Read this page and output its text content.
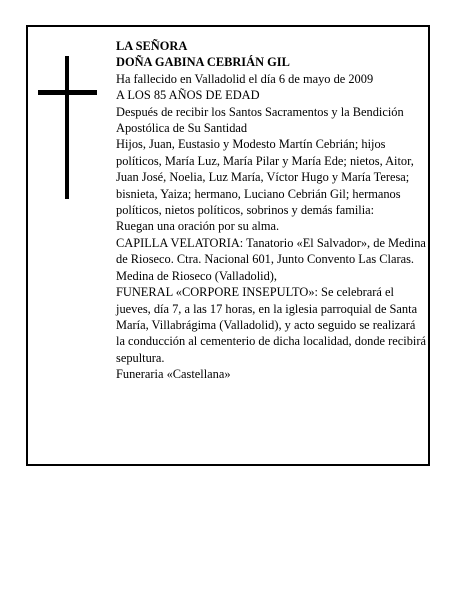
LA SEÑORA

DOÑA GABINA CEBRIÁN GIL

Ha fallecido en Valladolid el día 6 de mayo de 2009

A LOS 85 AÑOS DE EDAD

Después de recibir los Santos Sacramentos y la Bendición Apostólica de Su Santidad

Hijos, Juan, Eustasio y Modesto Martín Cebrián; hijos políticos, María Luz, María Pilar y María Ede; nietos, Aitor, Juan José, Noelia, Luz María, Víctor Hugo y María Teresa; bisnieta, Yaiza; hermano, Luciano Cebrián Gil; hermanos políticos, nietos políticos, sobrinos y demás familia:

Ruegan una oración por su alma.

CAPILLA VELATORIA: Tanatorio «El Salvador», de Medina de Rioseco. Ctra. Nacional 601, Junto Convento Las Claras. Medina de Rioseco (Valladolid),

FUNERAL «CORPORE INSEPULTO»: Se celebrará el jueves, día 7, a las 17 horas, en la iglesia parroquial de Santa María, Villabrágima (Valladolid), y acto seguido se realizará la conducción al cementerio de dicha localidad, donde recibirá sepultura.

Funeraria «Castellana»
